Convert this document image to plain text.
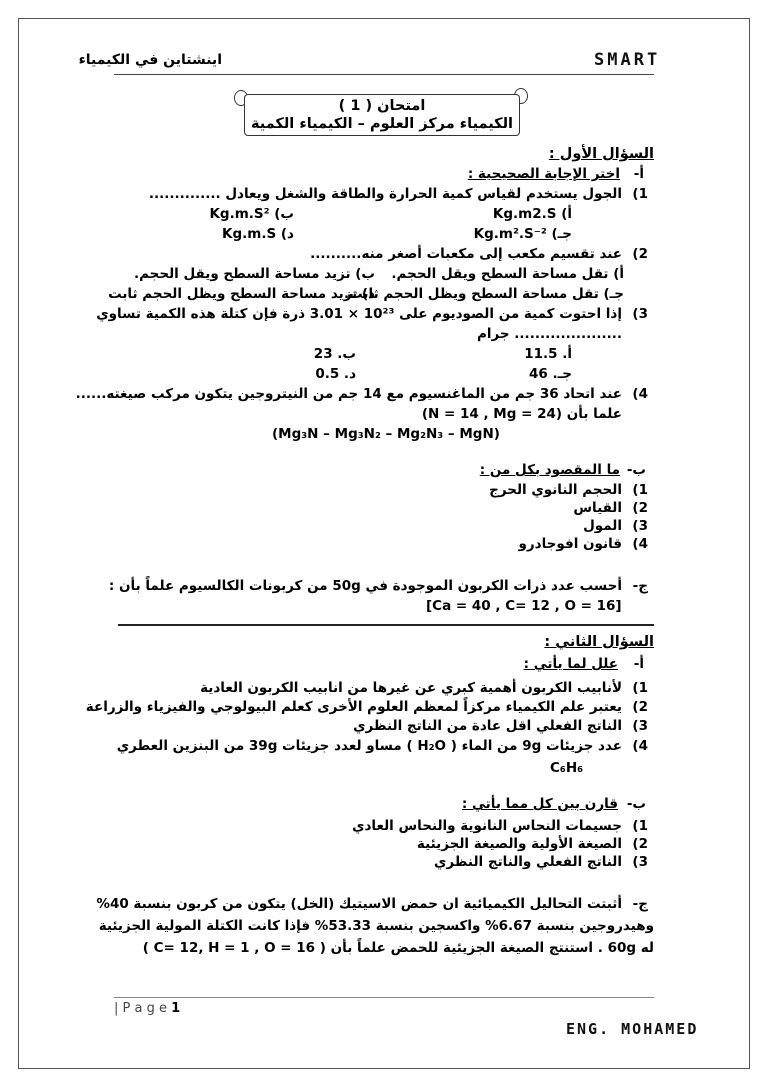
اينشتاين في الكيمياء	SMART
امتحان ( 1 )
الكيمياء مركز العلوم – الكيمياء الكمية
السؤال الأول :
أ-
اختر الإجابة الصحيحية :
1)
الجول يستخدم لقياس كمية الحرارة والطاقة والشغل ويعادل ..............
أ) Kg.m2.S
ب) Kg.m.S²
جـ) Kg.m².S⁻²
د) Kg.m.S
2)
عند تقسيم مكعب إلى مكعبات أصغر منه..........
أ) تقل مساحة السطح ويقل الحجم.
ب) تزيد مساحة السطح ويقل الحجم.
جـ) تقل مساحة السطح ويظل الحجم ثابت.
د) تزيد مساحة السطح ويظل الحجم ثابت
3)
إذا احتوت كمية من الصوديوم على 10²³ × 3.01 ذرة فإن كتلة هذه الكمية تساوي
..................... جرام
أ. 11.5
ب. 23
جـ. 46
د. 0.5
4)
عند اتحاد 36 جم من الماغنسيوم مع 14 جم من النيتروجين يتكون مركب صيغته......
علما بأن (N = 14 , Mg = 24)
(Mg₃N – Mg₃N₂ – Mg₂N₃ – MgN)
ب-
ما المقصود بكل من :
1)
الحجم النانوي الحرج
2)
القياس
3)
المول
4)
قانون افوجادرو
ج-
أحسب عدد ذرات الكربون الموجودة في 50g من كربونات الكالسيوم علماً بأن :
[Ca = 40 , C= 12 , O = 16]
السؤال الثاني :
أ-
علل لما يأتي :
1)
لأنابيب الكربون أهمية كبري عن غيرها من انابيب الكربون العادية
2)
يعتبر علم الكيمياء مركزاً لمعظم العلوم الأخرى كعلم البيولوجي والفيزياء والزراعة
3)
الناتج الفعلي اقل عادة من الناتج النظري
4)
عدد جزيئات 9g من الماء ( H₂O ) مساو لعدد جزيئات 39g من البنزين العطري
C₆H₆
ب-
قارن بين كل مما يأتي :
1)
جسيمات النحاس النانوية والنحاس العادي
2)
الصيغة الأولية والصيغة الجزيئية
3)
الناتج الفعلي والناتج النظري
ج-
أثبتت التحاليل الكيميائية ان حمض الاسيتيك (الخل) يتكون من كربون بنسبة 40%
وهيدروجين بنسبة 6.67% واكسجين بنسبة 53.33% فإذا كانت الكتلة المولية الجزيئية
له 60g . استنتج الصيغة الجزيئية للحمض علماً بأن ( C= 12, H = 1 , O = 16 )
| P a g e 1
ENG. MOHAMED
